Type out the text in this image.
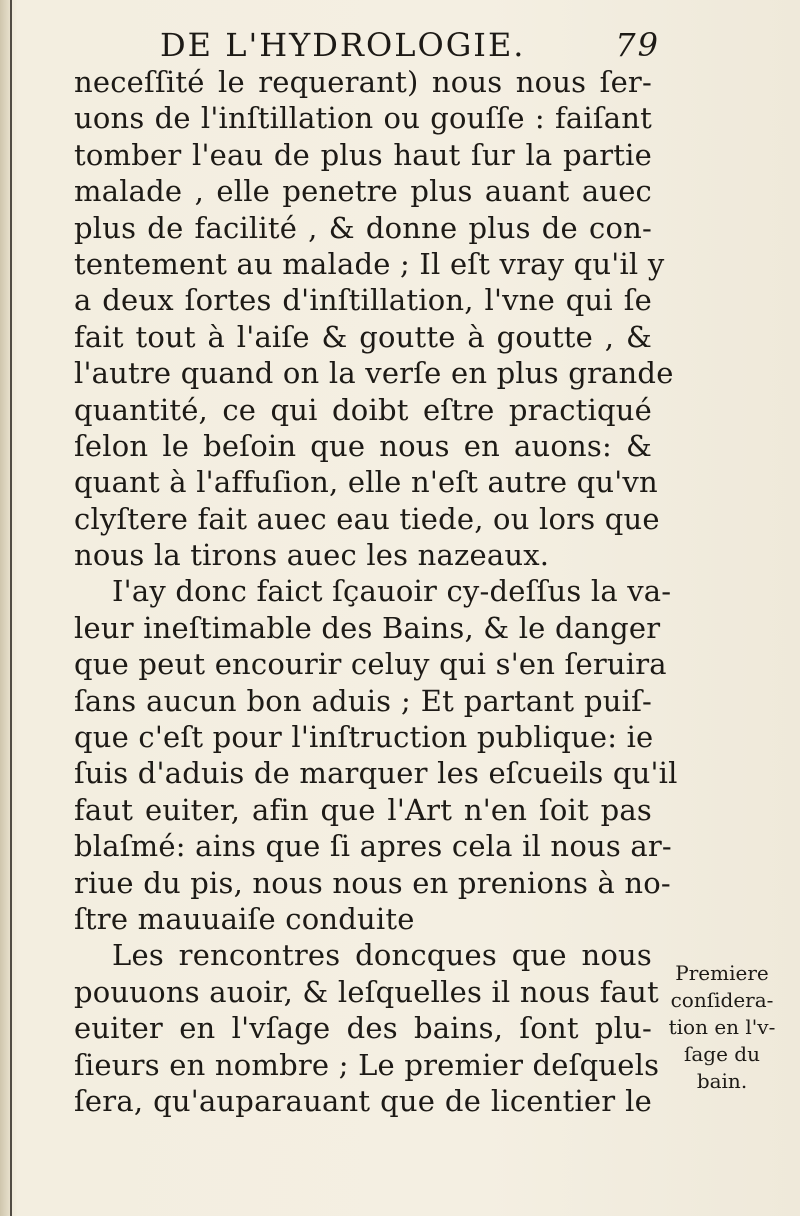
DE L'HYDROLOGIE.	79
neceſſité le requerant) nous nous ſer-
uons de l'inſtillation ou gouſſe : faiſant
tomber l'eau de plus haut ſur la partie
malade , elle penetre plus auant auec
plus de facilité , & donne plus de con-
tentement au malade ; Il eſt vray qu'il y
a deux ſortes d'inſtillation, l'vne qui ſe
fait tout à l'aiſe & goutte à goutte , &
l'autre quand on la verſe en plus grande
quantité, ce qui doibt eſtre practiqué
ſelon le beſoin que nous en auons: &
quant à l'affuſion, elle n'eſt autre qu'vn
clyſtere fait auec eau tiede, ou lors que
nous la tirons auec les nazeaux.
I'ay donc faict ſçauoir cy-deſſus la va-
leur ineſtimable des Bains, & le danger
que peut encourir celuy qui s'en ſeruira
ſans aucun bon aduis ; Et partant puiſ-
que c'eſt pour l'inſtruction publique: ie
ſuis d'aduis de marquer les eſcueils qu'il
faut euiter, afin que l'Art n'en ſoit pas
blaſmé: ains que ſi apres cela il nous ar-
riue du pis, nous nous en prenions à no-
ſtre mauuaiſe conduite
Les rencontres doncques que nous
pouuons auoir, & leſquelles il nous faut
euiter en l'vſage des bains, ſont plu-
ſieurs en nombre ; Le premier deſquels
ſera, qu'auparauant que de licentier le
Premiere
conſidera-
tion en l'v-
ſage du
bain.
